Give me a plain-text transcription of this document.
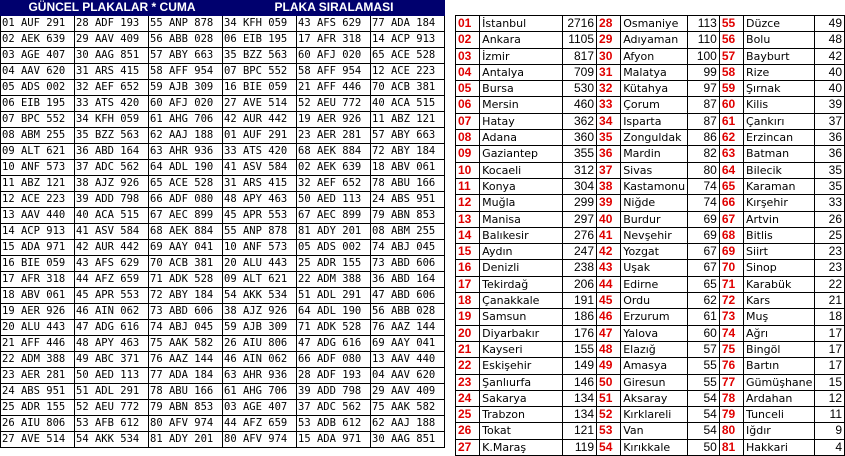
GÜNCEL PLAKALAR * CUMA			PLAKA SIRALAMASI		
01 AUF 291	28 ADF 193	55 ANP 878	34 KFH 059	43 AFS 629	77 ADA 184
02 AEK 639	29 AAV 409	56 ABB 028	06 EIB 195	17 AFR 318	14 ACP 913
03 AGE 407	30 AAG 851	57 ABY 663	35 BZZ 563	60 AFJ 020	65 ACE 528
04 AAV 620	31 ARS 415	58 AFF 954	07 BPC 552	58 AFF 954	12 ACE 223
05 ADS 002	32 AEF 652	59 AJB 309	16 BIE 059	21 AFF 446	70 ACB 381
06 EIB 195	33 ATS 420	60 AFJ 020	27 AVE 514	52 AEU 772	40 ACA 515
07 BPC 552	34 KFH 059	61 AHG 706	42 AUR 442	19 AER 926	11 ABZ 121
08 ABM 255	35 BZZ 563	62 AAJ 188	01 AUF 291	23 AER 281	57 ABY 663
09 ALT 621	36 ABD 164	63 AHR 936	33 ATS 420	68 AEK 884	72 ABY 184
10 ANF 573	37 ADC 562	64 ADL 190	41 ASV 584	02 AEK 639	18 ABV 061
11 ABZ 121	38 AJZ 926	65 ACE 528	31 ARS 415	32 AEF 652	78 ABU 166
12 ACE 223	39 ADD 798	66 ADF 080	48 APY 463	50 AED 113	24 ABS 951
13 AAV 440	40 ACA 515	67 AEC 899	45 APR 553	67 AEC 899	79 ABN 853
14 ACP 913	41 ASV 584	68 AEK 884	55 ANP 878	81 ADY 201	08 ABM 255
15 ADA 971	42 AUR 442	69 AAY 041	10 ANF 573	05 ADS 002	74 ABJ 045
16 BIE 059	43 AFS 629	70 ACB 381	20 ALU 443	25 ADR 155	73 ABD 606
17 AFR 318	44 AFZ 659	71 ADK 528	09 ALT 621	22 ADM 388	36 ABD 164
18 ABV 061	45 APR 553	72 ABY 184	54 AKK 534	51 ADL 291	47 ABD 606
19 AER 926	46 AIN 062	73 ABD 606	38 AJZ 926	64 ADL 190	56 ABB 028
20 ALU 443	47 ADG 616	74 ABJ 045	59 AJB 309	71 ADK 528	76 AAZ 144
21 AFF 446	48 APY 463	75 AAK 582	26 AIU 806	47 ADG 616	69 AAY 041
22 ADM 388	49 ABC 371	76 AAZ 144	46 AIN 062	66 ADF 080	13 AAV 440
23 AER 281	50 AED 113	77 ADA 184	63 AHR 936	28 ADF 193	04 AAV 620
24 ABS 951	51 ADL 291	78 ABU 166	61 AHG 706	39 ADD 798	29 AAV 409
25 ADR 155	52 AEU 772	79 ABN 853	03 AGE 407	37 ADC 562	75 AAK 582
26 AIU 806	53 AFB 612	80 AFV 974	44 AFZ 659	53 ADB 612	62 AAJ 188
27 AVE 514	54 AKK 534	81 ADY 201	80 AFV 974	15 ADA 971	30 AAG 851
01	İstanbul	2716	28	Osmaniye	113	55	Düzce	49
02	Ankara	1105	29	Adıyaman	110	56	Bolu	48
03	İzmir	817	30	Afyon	100	57	Bayburt	42
04	Antalya	709	31	Malatya	99	58	Rize	40
05	Bursa	530	32	Kütahya	97	59	Şırnak	40
06	Mersin	460	33	Çorum	87	60	Kilis	39
07	Hatay	362	34	Isparta	87	61	Çankırı	37
08	Adana	360	35	Zonguldak	86	62	Erzincan	36
09	Gaziantep	355	36	Mardin	82	63	Batman	36
10	Kocaeli	312	37	Sivas	80	64	Bilecik	35
11	Konya	304	38	Kastamonu	74	65	Karaman	35
12	Muğla	299	39	Niğde	74	66	Kırşehir	33
13	Manisa	297	40	Burdur	69	67	Artvin	26
14	Balıkesir	276	41	Nevşehir	69	68	Bitlis	25
15	Aydın	247	42	Yozgat	67	69	Siirt	23
16	Denizli	238	43	Uşak	67	70	Sinop	23
17	Tekirdağ	206	44	Edirne	65	71	Karabük	22
18	Çanakkale	191	45	Ordu	62	72	Kars	21
19	Samsun	186	46	Erzurum	61	73	Muş	18
20	Diyarbakır	176	47	Yalova	60	74	Ağrı	17
21	Kayseri	155	48	Elazığ	57	75	Bingöl	17
22	Eskişehir	149	49	Amasya	55	76	Bartın	17
23	Şanlıurfa	146	50	Giresun	55	77	Gümüşhane	15
24	Sakarya	134	51	Aksaray	54	78	Ardahan	12
25	Trabzon	134	52	Kırklareli	54	79	Tunceli	11
26	Tokat	121	53	Van	54	80	Iğdır	9
27	K.Maraş	119	54	Kırıkkale	50	81	Hakkari	4
